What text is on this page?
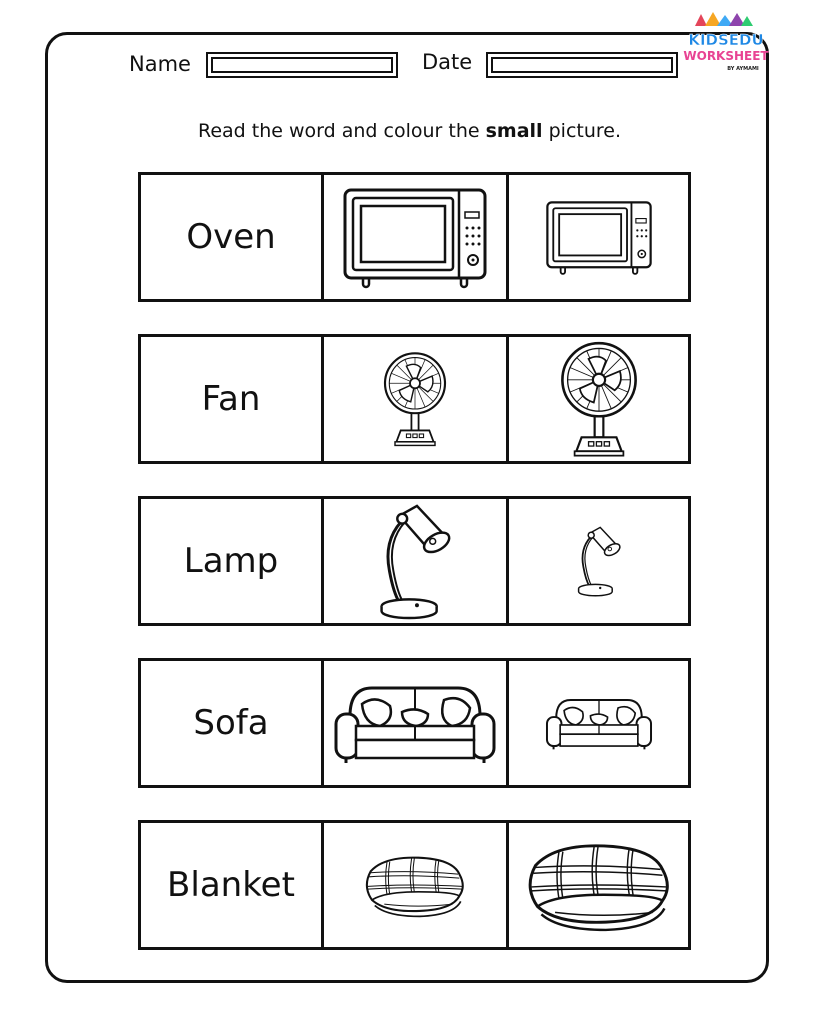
Name	Date
KIDSEDU
WORKSHEET
BY AYMAMI
Read the word and colour the small picture.
Oven
Fan
Lamp
Sofa
Blanket
